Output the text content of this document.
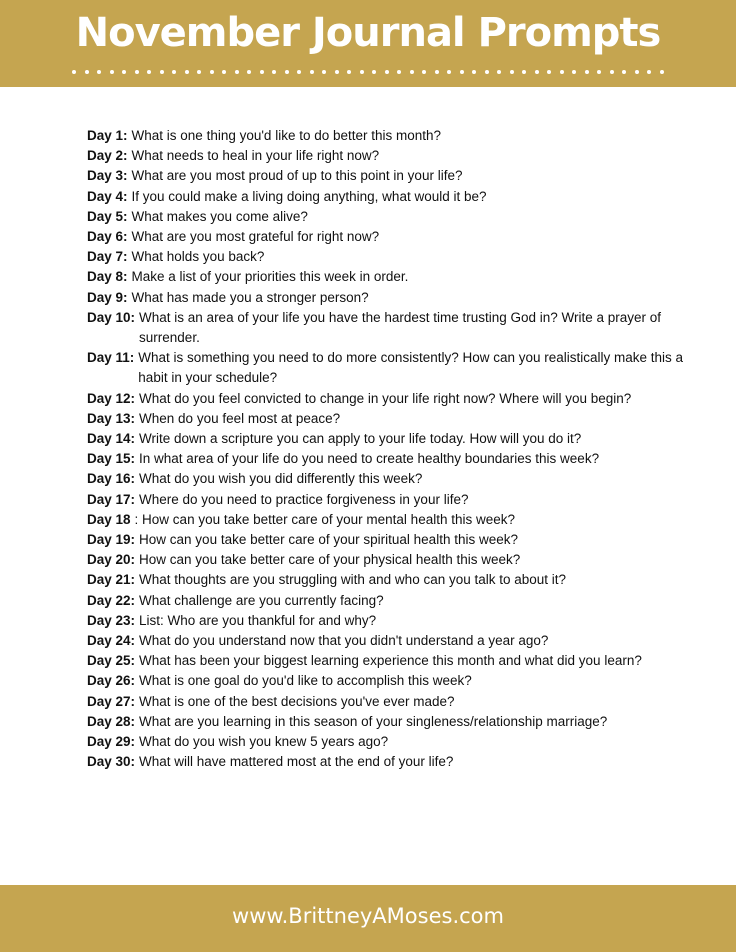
November Journal Prompts
Day 1: What is one thing you'd like to do better this month?
Day 2: What needs to heal in your life right now?
Day 3: What are you most proud of up to this point in your life?
Day 4: If you could make a living doing anything, what would it be?
Day 5: What makes you come alive?
Day 6: What are you most grateful for right now?
Day 7: What holds you back?
Day 8: Make a list of your priorities this week in order.
Day 9: What has made you a stronger person?
Day 10: What is an area of your life you have the hardest time trusting God in? Write a prayer of surrender.
Day 11: What is something you need to do more consistently? How can you realistically make this a habit in your schedule?
Day 12: What do you feel convicted to change in your life right now? Where will you begin?
Day 13: When do you feel most at peace?
Day 14: Write down a scripture you can apply to your life today. How will you do it?
Day 15: In what area of your life do you need to create healthy boundaries this week?
Day 16: What do you wish you did differently this week?
Day 17: Where do you need to practice forgiveness in your life?
Day 18 : How can you take better care of your mental health this week?
Day 19: How can you take better care of your spiritual health this week?
Day 20: How can you take better care of your physical health this week?
Day 21: What thoughts are you struggling with and who can you talk to about it?
Day 22: What challenge are you currently facing?
Day 23: List: Who are you thankful for and why?
Day 24: What do you understand now that you didn't understand a year ago?
Day 25: What has been your biggest learning experience this month and what did you learn?
Day 26: What is one goal do you'd like to accomplish this week?
Day 27: What is one of the best decisions you've ever made?
Day 28: What are you learning in this season of your singleness/relationship marriage?
Day 29: What do you wish you knew 5 years ago?
Day 30: What will have mattered most at the end of your life?
www.BrittneyAMoses.com
